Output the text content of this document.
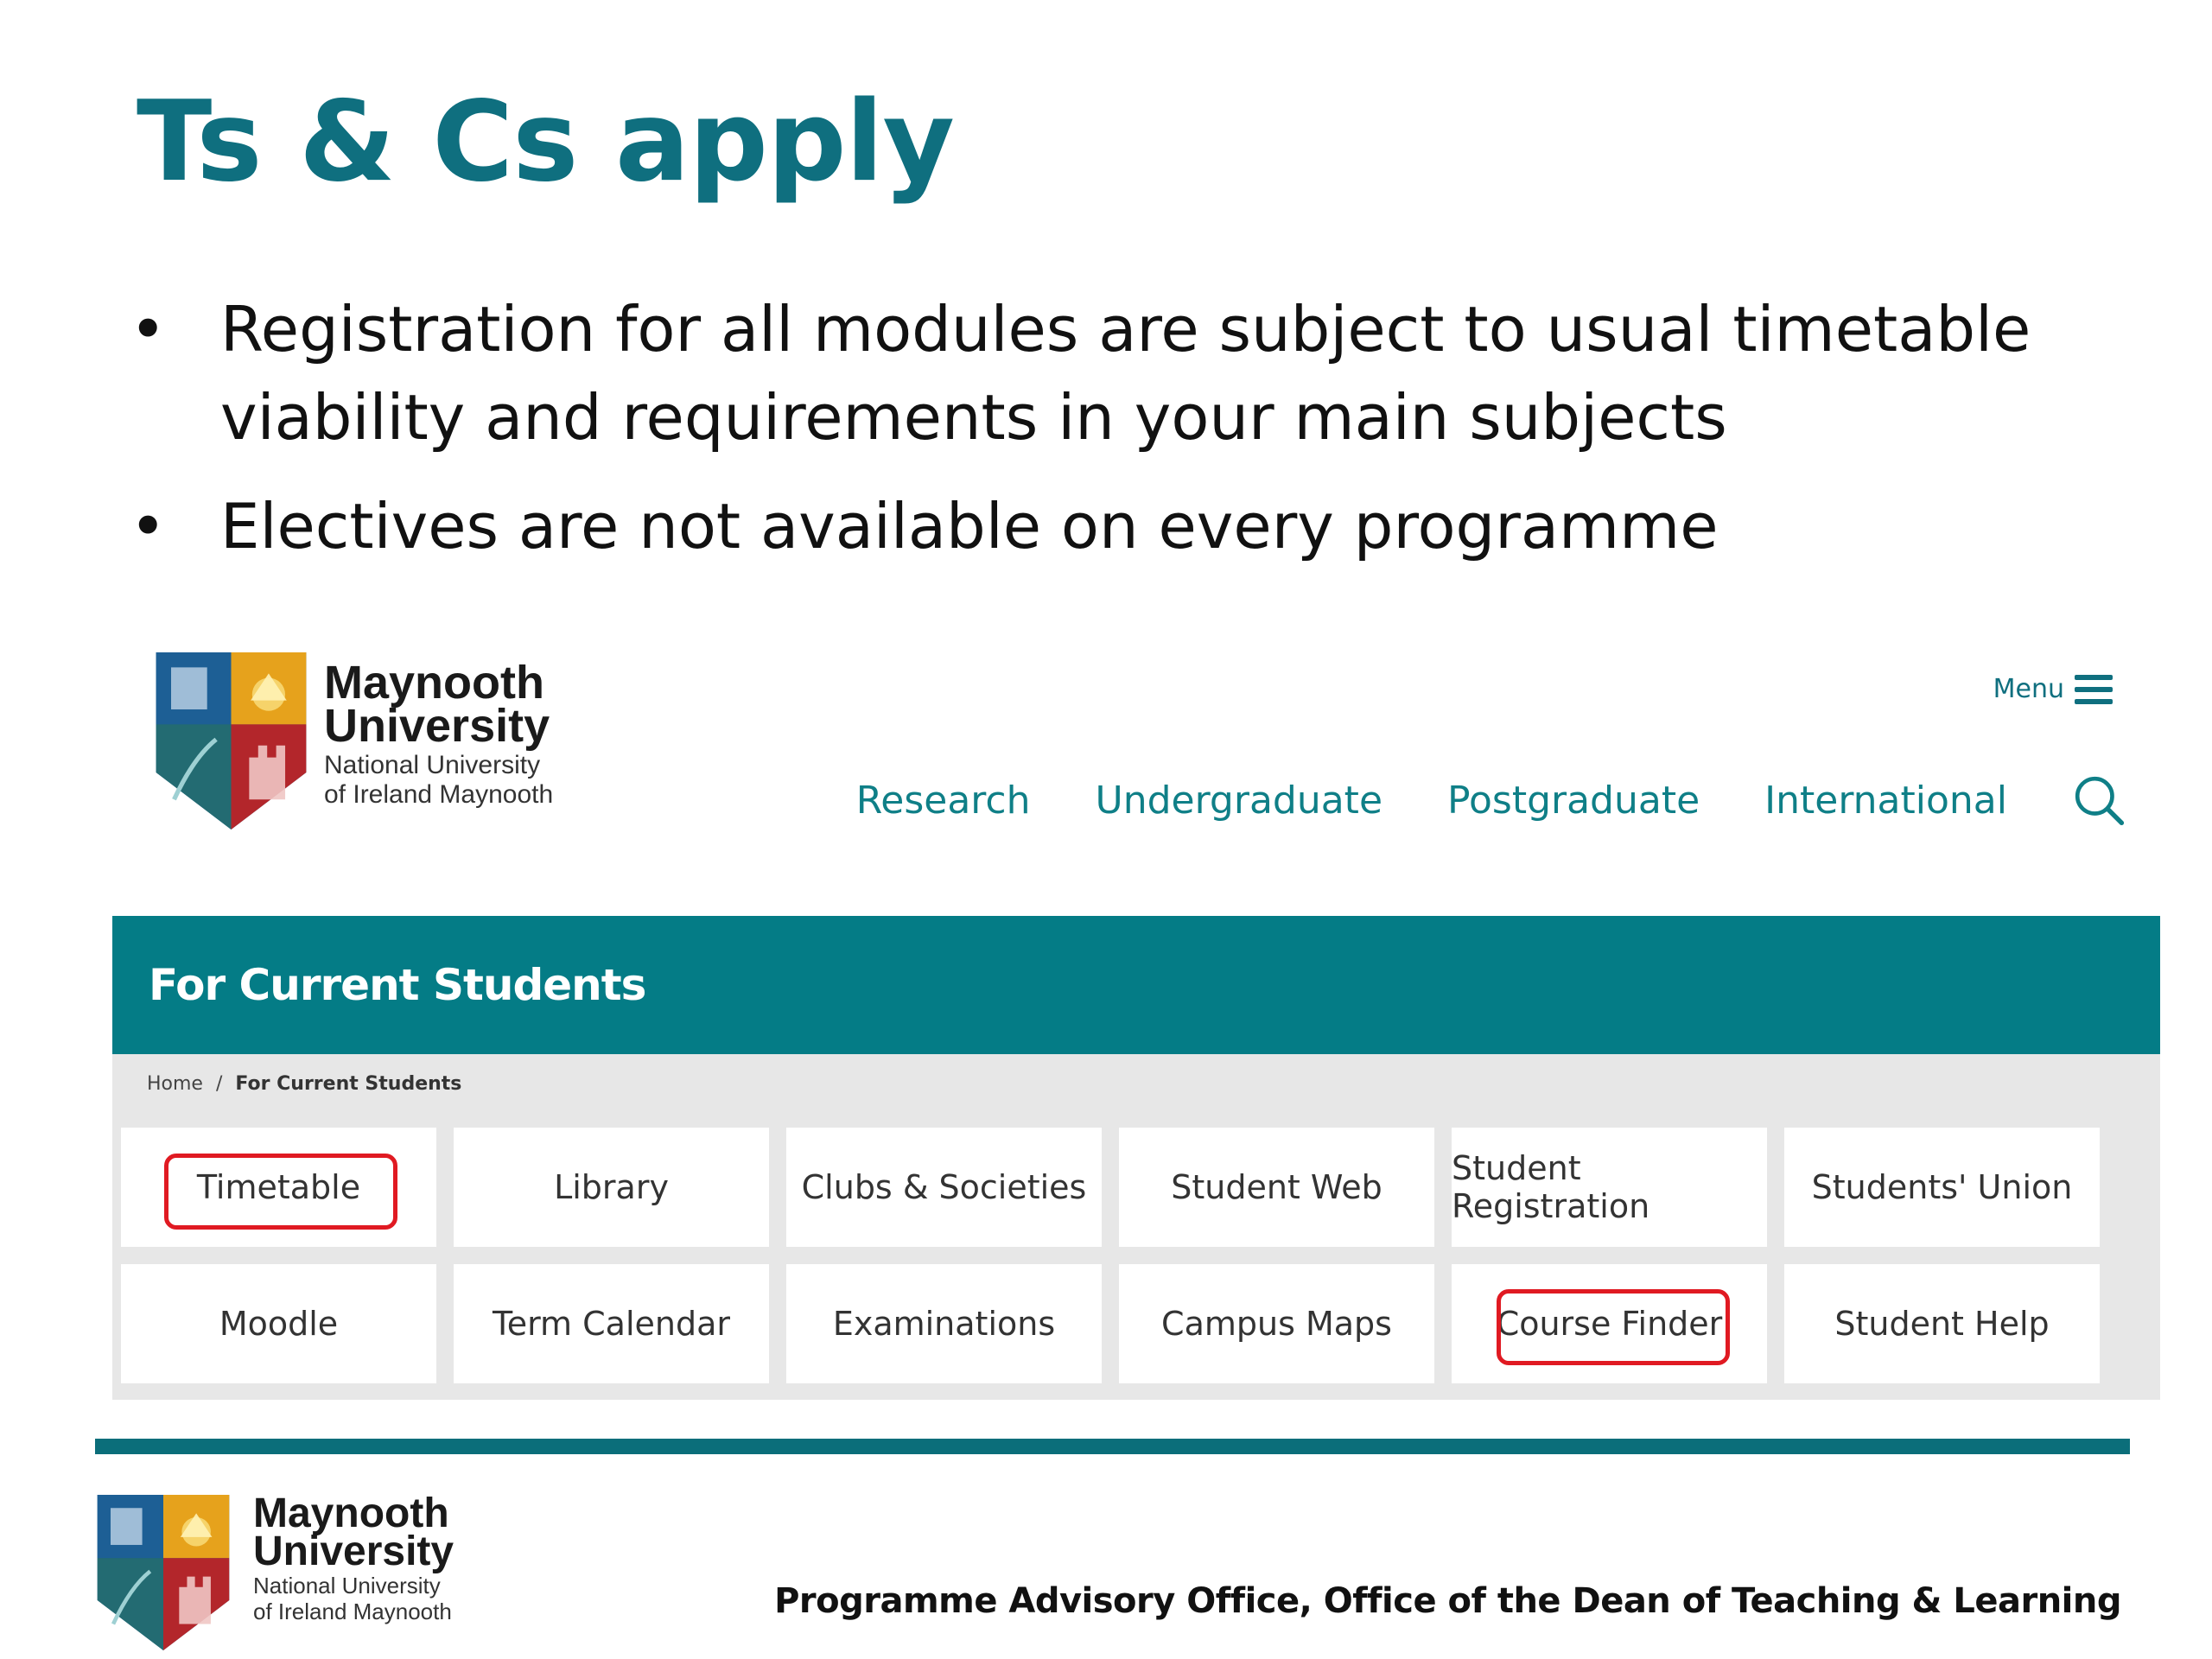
Ts & Cs apply
• Registration for all modules are subject to usual timetable viability and requirements in your main subjects
• Electives are not available on every programme
Maynooth
University
National University
of Ireland Maynooth
Menu
Research Undergraduate Postgraduate International
For Current Students
Home / For Current Students
Timetable	Library	Clubs & Societies	Student Web Student Registration	Students' Union
Moodle	Term Calendar	Examinations	Campus Maps	Course Finder	Student Help
Maynooth
University
National University
of Ireland Maynooth	Programme Advisory Office, Office of the Dean of Teaching & Learning
